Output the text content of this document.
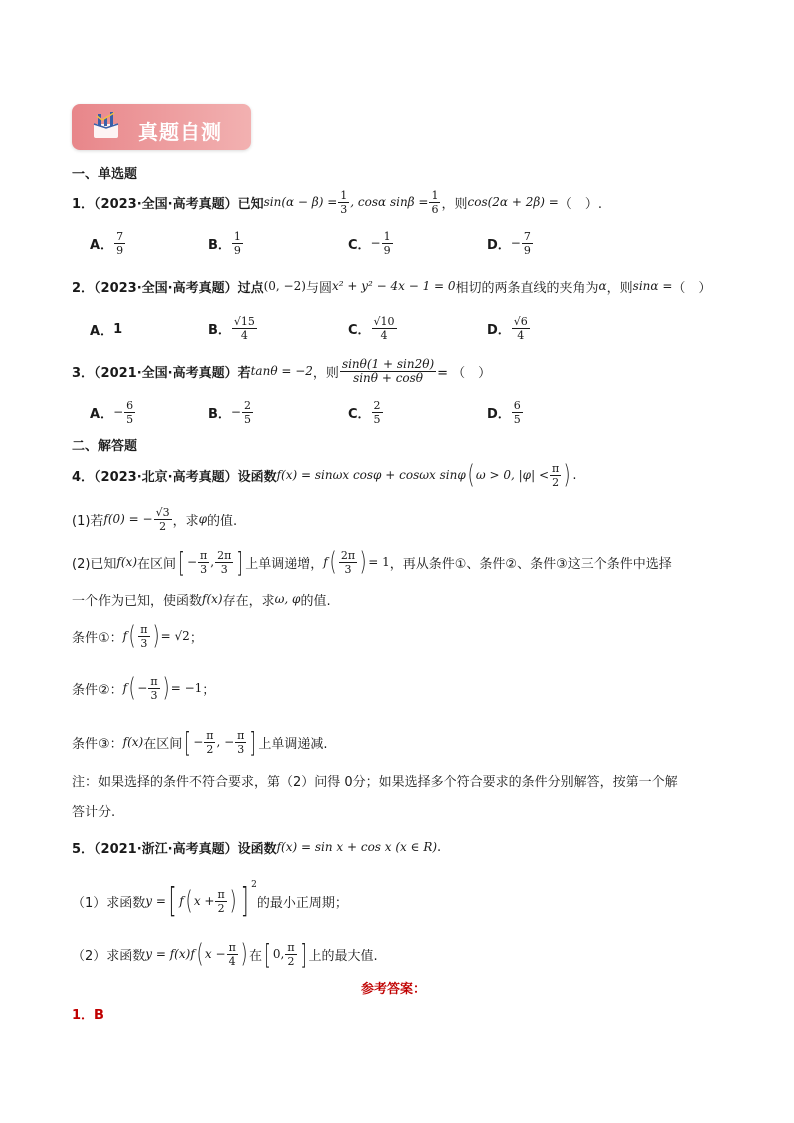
真题自测
一、单选题
1．（2023·全国·高考真题）已知 $\sin(\alpha - \beta) = \frac{1}{3}$ , cosα $\sin\beta = \frac{1}{6}$ ，则 cos(2α + 2β) = （　）.
A． $\frac{7}{9}$	B． $\frac{1}{9}$	C． − $\frac{1}{9}$	D． − $\frac{7}{9}$
2．（2023·全国·高考真题）过点 (0, −2) 与圆 x² + y² − 4x − 1 = 0 相切的两条直线的夹角为 α ，则 sinα = （　）
A． 1	B． $\frac{√15}{4}$	C． $\frac{√10}{4}$	D． $\frac{√6}{4}$
3．（2021·全国·高考真题）若 tanθ = −2 ，则 $\frac{\sin\theta(1 + \sin 2\theta)}{\sin\theta + \cos\theta}$ = （　）
A． − $\frac{6}{5}$	B． − $\frac{2}{5}$	C． $\frac{2}{5}$	D． $\frac{6}{5}$
二、解答题
4．（2023·北京·高考真题）设函数 f(x) = sinωx cosφ + cosωx sinφ ( ω > 0, $|\varphi| < \frac{\pi}{2}$ ) .
(1)若 f(0) = − $\frac{√3}{2}$ ，求 φ 的值.
(2)已知 f(x) 在区间 [ − $\frac{\pi}{3}$ , $\frac{2\pi}{3}$ ] 上单调递增， f ( $\frac{2\pi}{3}$ ) = 1 ，再从条件①、条件②、条件③这三个条件中选择
一个作为已知，使函数 f(x) 存在，求 ω, φ 的值.
条件①： f ( $\frac{\pi}{3}$ ) = √2 ；
条件②： f ( − $\frac{\pi}{3}$ ) = −1 ；
条件③： f(x) 在区间 [ − $\frac{\pi}{2}$ , − $\frac{\pi}{3}$ ] 上单调递减.
注：如果选择的条件不符合要求，第（2）问得 0分；如果选择多个符合要求的条件分别解答，按第一个解
答计分.
5．（2021·浙江·高考真题）设函数 f(x) = sin x + cos x (x ∈ R) .
（1）求函数 y = [ f ( $x + \frac{\pi}{2}$ ) ] $^2$
的最小正周期；
（2）求函数 y = f(x)f ( $x - \frac{\pi}{4}$ ) 在 [ 0, $\frac{\pi}{2}$ ] 上的最大值.
参考答案：
1．B
